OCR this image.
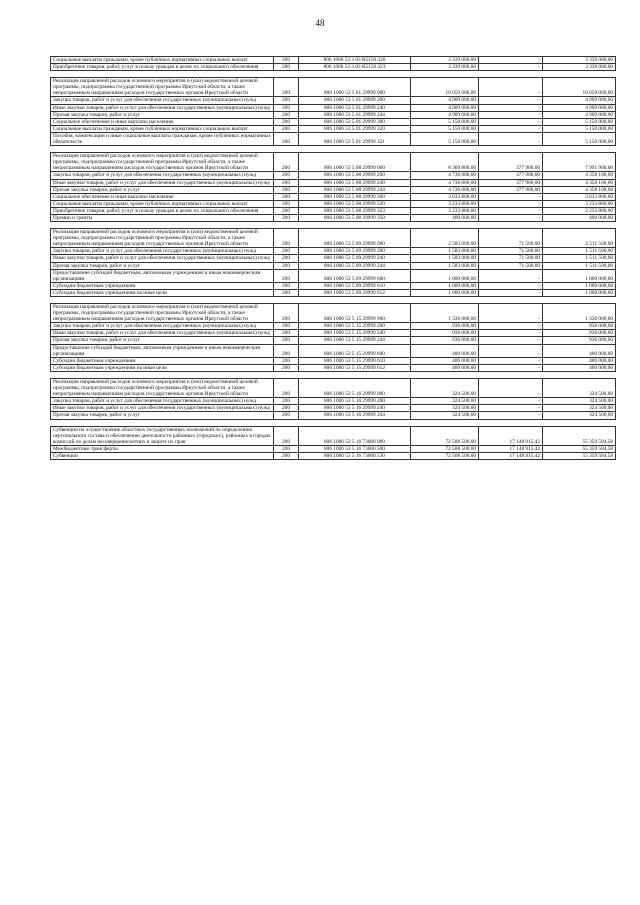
48
Социальные выплаты гражданам, кроме публичных нормативных социальных выплат	200	806 1006 53 3 03 R5150 320	3 339 000,00	-	3 339 000,00
Приобретение товаров, работ, услуг в пользу граждан в целях их социального обеспечения	200	806 1006 53 3 03 R5150 323	3 339 000,00	-	3 339 000,00

Реализация направлений расходов основного мероприятия и (или) ведомственной целевой программы, подпрограммы государственной программы Иркутской области, а также непрограммным направлениям расходов государственных органов Иркутской области	200	806 1006 53 5 01 29999 000	10 059 000,00	-	10 059 000,00
Закупка товаров, работ и услуг для обеспечения государственных (муниципальных) нужд	200	806 1006 53 5 01 29999 200	4 909 000,00	-	4 909 000,00
Иные закупки товаров, работ и услуг для обеспечения государственных (муниципальных) нужд	200	806 1006 53 5 01 29999 240	4 909 000,00	-	4 909 000,00
Прочая закупка товаров, работ и услуг	200	806 1006 53 5 01 29999 244	4 909 000,00	-	4 909 000,00
Социальное обеспечение и иные выплаты населению	200	806 1006 53 5 01 29999 300	5 150 000,00	-	5 150 000,00
Социальные выплаты гражданам, кроме публичных нормативных социальных выплат	200	806 1006 53 5 01 29999 320	5 150 000,00	-	5 150 000,00
Пособия, компенсации и иные социальные выплаты гражданам, кроме публичных нормативных обязательств	200	806 1006 53 5 01 29999 321	5 150 000,00	-	5 150 000,00

Реализация направлений расходов основного мероприятия и (или) ведомственной целевой программы, подпрограммы государственной программы Иркутской области, а также непрограммным направлениям расходов государственных органов Иркутской области	200	806 1006 53 5 08 29999 000	8 369 800,00	377 900,00	7 991 900,00
Закупка товаров, работ и услуг для обеспечения государственных (муниципальных) нужд	200	806 1006 53 5 08 29999 200	4 736 000,00	377 900,00	4 358 100,00
Иные закупки товаров, работ и услуг для обеспечения государственных (муниципальных) нужд	200	806 1006 53 5 08 29999 240	4 736 000,00	377 900,00	4 358 100,00
Прочая закупка товаров, работ и услуг	200	806 1006 53 5 08 29999 244	4 736 000,00	377 900,00	4 358 100,00
Социальное обеспечение и иные выплаты населению	200	806 1006 53 5 08 29999 300	3 633 800,00	-	3 633 800,00
Социальные выплаты гражданам, кроме публичных нормативных социальных выплат	200	806 1006 53 5 08 29999 320	3 233 800,00	-	3 233 800,00
Приобретение товаров, работ, услуг в пользу граждан в целях их социального обеспечения	200	806 1006 53 5 08 29999 323	3 233 800,00	-	3 233 800,00
Премии и гранты	200	806 1006 53 5 08 29999 350	400 000,00	-	400 000,00

Реализация направлений расходов основного мероприятия и (или) ведомственной целевой программы, подпрограммы государственной программы Иркутской области, а также непрограммным направлениям расходов государственных органов Иркутской области	200	806 1006 53 5 09 29999 000	2 583 000,00	71 500,00	2 511 500,00
Закупка товаров, работ и услуг для обеспечения государственных (муниципальных) нужд	200	806 1006 53 5 09 29999 200	1 583 000,00	71 500,00	1 511 500,00
Иные закупки товаров, работ и услуг для обеспечения государственных (муниципальных) нужд	200	806 1006 53 5 09 29999 240	1 583 000,00	71 500,00	1 511 500,00
Прочая закупка товаров, работ и услуг	200	806 1006 53 5 09 29999 244	1 583 000,00	71 500,00	1 511 500,00
Предоставление субсидий бюджетным, автономным учреждениям и иным некоммерческим организациям	200	806 1006 53 5 09 29999 600	1 000 000,00	-	1 000 000,00
Субсидии бюджетным учреждениям	200	806 1006 53 5 09 29999 610	1 000 000,00	-	1 000 000,00
Субсидии бюджетным учреждениям на иные цели	200	806 1006 53 5 09 29999 612	1 000 000,00	-	1 000 000,00

Реализация направлений расходов основного мероприятия и (или) ведомственной целевой программы, подпрограммы государственной программы Иркутской области, а также непрограммным направлениям расходов государственных органов Иркутской области	200	806 1006 53 5 15 29999 000	1 336 000,00	-	1 336 000,00
Закупка товаров, работ и услуг для обеспечения государственных (муниципальных) нужд	200	806 1006 53 5 15 29999 200	936 000,00	-	936 000,00
Иные закупки товаров, работ и услуг для обеспечения государственных (муниципальных) нужд	200	806 1006 53 5 15 29999 240	936 000,00	-	936 000,00
Прочая закупка товаров, работ и услуг	200	806 1006 53 5 15 29999 244	936 000,00	-	936 000,00
Предоставление субсидий бюджетным, автономным учреждениям и иным некоммерческим организациям	200	806 1006 53 5 15 29999 600	400 000,00	-	400 000,00
Субсидии бюджетным учреждениям	200	806 1006 53 5 15 29999 610	400 000,00	-	400 000,00
Субсидии бюджетным учреждениям на иные цели	200	806 1006 53 5 15 29999 612	400 000,00	-	400 000,00

Реализация направлений расходов основного мероприятия и (или) ведомственной целевой программы, подпрограммы государственной программы Иркутской области, а также непрограммным направлениям расходов государственных органов Иркутской области	200	806 1006 53 5 16 29999 000	324 500,00	-	324 500,00
Закупка товаров, работ и услуг для обеспечения государственных (муниципальных) нужд	200	806 1006 53 5 16 29999 200	324 500,00	-	324 500,00
Иные закупки товаров, работ и услуг для обеспечения государственных (муниципальных) нужд	200	806 1006 53 5 16 29999 240	324 500,00	-	324 500,00
Прочая закупка товаров, работ и услуг	200	806 1006 53 5 16 29999 244	324 500,00	-	324 500,00

Субвенции на осуществление областных государственных полномочий по определению персонального состава и обеспечению деятельности районных (городских), районных в городах комиссий по делам несовершеннолетних и защите их прав	200	806 1006 53 5 16 73060 000	72 508 500,00	17 148 915,42	55 359 584,58
Межбюджетные трансферты	200	806 1006 53 5 16 73060 500	72 508 500,00	17 148 915,42	55 359 584,58
Субвенции	200	806 1006 53 5 16 73060 530	72 508 500,00	17 148 915,42	55 359 584,58
